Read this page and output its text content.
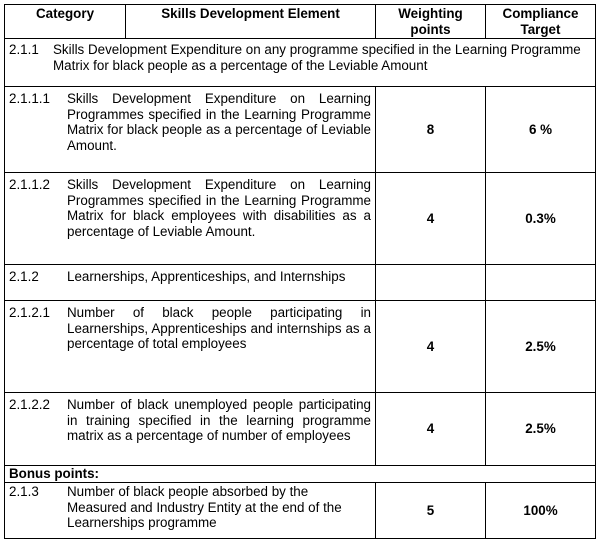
Category	Skills Development Element	Weighting points	Compliance Target

2.1.1 Skills Development Expenditure on any programme specified in the Learning Programme Matrix for black people as a percentage of the Leviable Amount			

2.1.1.1 Skills Development Expenditure on Learning Programmes specified in the Learning Programme Matrix for black people as a percentage of Leviable Amount.		8	6 %

2.1.1.2 Skills Development Expenditure on Learning Programmes specified in the Learning Programme Matrix for black employees with disabilities as a percentage of Leviable Amount.		4	0.3%

2.1.2 Learnerships, Apprenticeships, and Internships			

2.1.2.1 Number of black people participating in Learnerships, Apprenticeships and internships as a percentage of total employees		4	2.5%

2.1.2.2 Number of black unemployed people participating in training specified in the learning programme matrix as a percentage of number of employees		4	2.5%
Bonus points:			

2.1.3 Number of black people absorbed by the Measured and Industry Entity at the end of the Learnerships programme		5	100%
